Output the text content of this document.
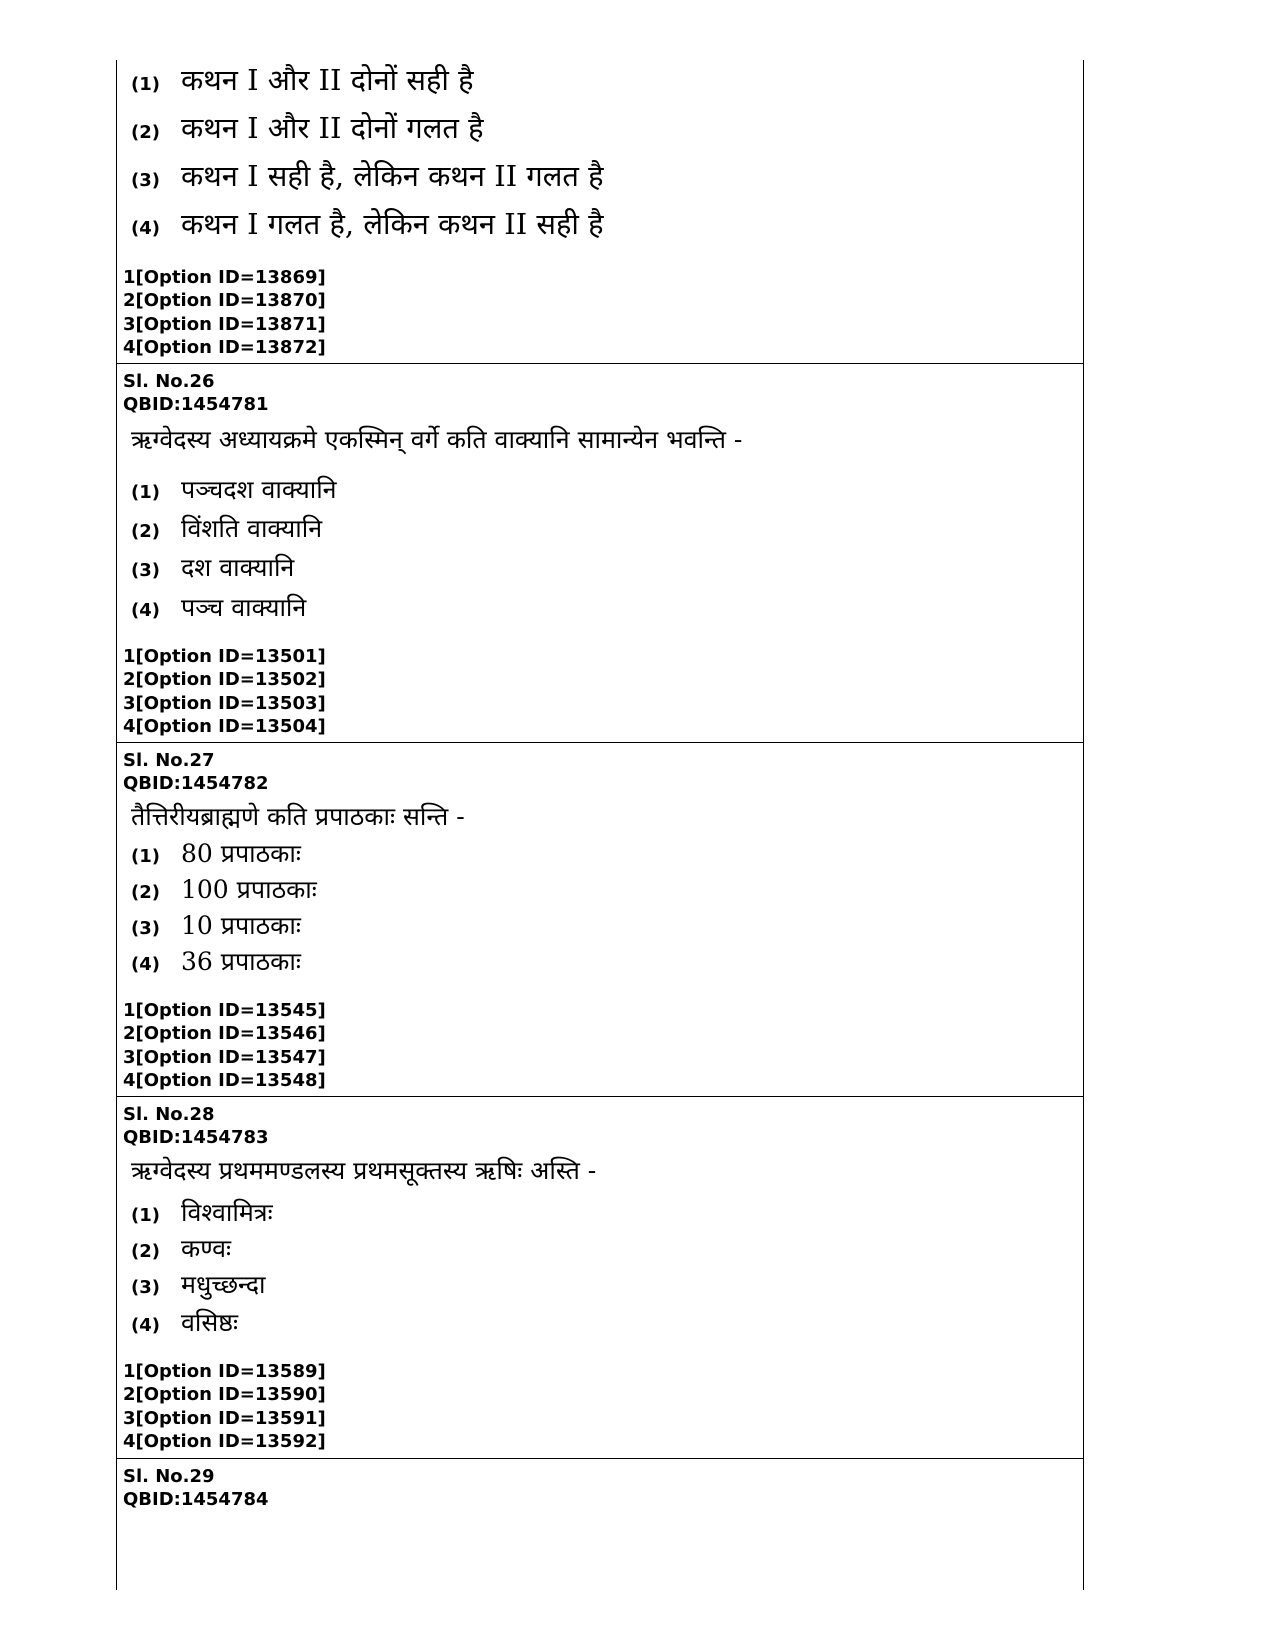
(1) कथन I और II दोनों सही है
(2) कथन I और II दोनों गलत है
(3) कथन I सही है, लेकिन कथन II गलत है
(4) कथन I गलत है, लेकिन कथन II सही है
1[Option ID=13869]
2[Option ID=13870]
3[Option ID=13871]
4[Option ID=13872]
Sl. No.26
QBID:1454781
ऋग्वेदस्य अध्यायक्रमे एकस्मिन् वर्गे कति वाक्यानि सामान्येन भवन्ति -
(1) पञ्चदश वाक्यानि
(2) विंशति वाक्यानि
(3) दश वाक्यानि
(4) पञ्च वाक्यानि
1[Option ID=13501]
2[Option ID=13502]
3[Option ID=13503]
4[Option ID=13504]
Sl. No.27
QBID:1454782
तैत्तिरीयब्राह्मणे कति प्रपाठकाः सन्ति -
(1) 80 प्रपाठकाः
(2) 100 प्रपाठकाः
(3) 10 प्रपाठकाः
(4) 36 प्रपाठकाः
1[Option ID=13545]
2[Option ID=13546]
3[Option ID=13547]
4[Option ID=13548]
Sl. No.28
QBID:1454783
ऋग्वेदस्य प्रथममण्डलस्य प्रथमसूक्तस्य ऋषिः अस्ति -
(1) विश्वामित्रः
(2) कण्वः
(3) मधुच्छन्दा
(4) वसिष्ठः
1[Option ID=13589]
2[Option ID=13590]
3[Option ID=13591]
4[Option ID=13592]
Sl. No.29
QBID:1454784
